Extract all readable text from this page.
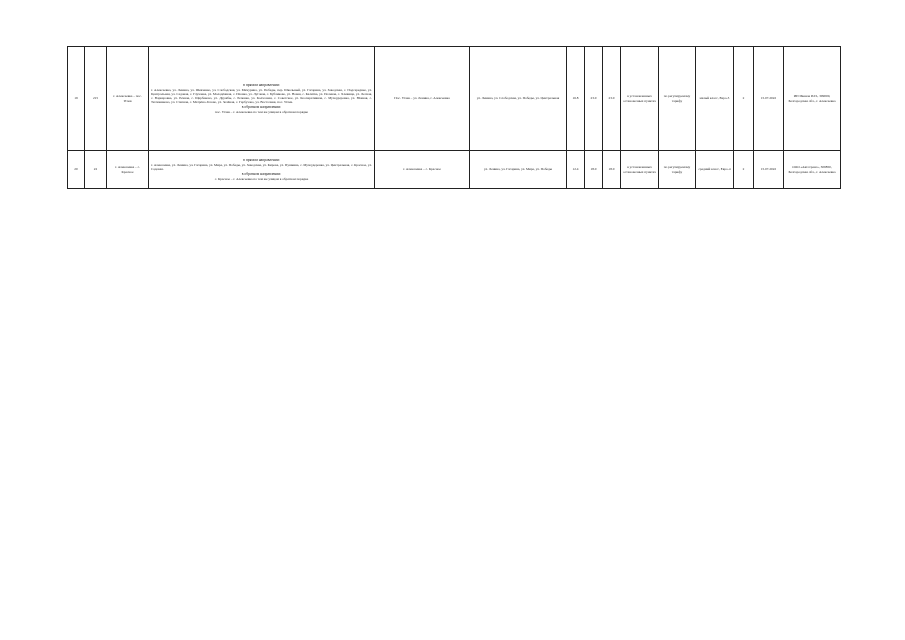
19	215	г. Алексеевка – пос. Углев	в прямом направлении:
г. Алексеевка, ул. Ленина, ул. Шевченко, ул. Слободская, ул. Мичурина, ул. Победы, пер. Школьный, ул. Гагарина, ул. Заводская, с. Подсереднее, ул. Центральная, ул. Садовая, с. Глуховка, ул. Молодёжная, с. Иловка, ул. Луговая, с. Бубликово, ул. Новая, с. Калитва, ул. Полевая, с. Хлевище, ул. Лесная, с. Варваровка, ул. Речная, с. Щербаково, ул. Дружбы, с. Репенка, ул. Колхозная, с. Советское, ул. Кооперативная, с. Мухоудеровка, ул. Южная, с. Тютюниково, ул. Степная, с. Матрёно-Гезово, ул. Зелёная, с. Гарбузово, ул. Восточная, пос. Углев.
в обратном направлении:
пос. Углев – г. Алексеевка по тем же улицам в обратном порядке	Пос. Углев – ул. Ленина, г. Алексеевка	ул. Ленина, ул. Слободская, ул. Победы, ул. Центральная	16.8	23.0	23.0	в установленных остановочных пунктах	по регулируемому тарифу	малый класс, Евро-3	2	15.07.2022	ИП Иванов И.И., 309000, Белгородская обл., г. Алексеевка
20	22	г. Алексеевка – с. Красное	в прямом направлении:
г. Алексеевка, ул. Ленина, ул. Гагарина, ул. Мира, ул. Победы, ул. Заводская, ул. Кирова, ул. Пушкина, с. Мухоудеровка, ул. Центральная, с. Красное, ул. Садовая.
в обратном направлении:
с. Красное – г. Алексеевка по тем же улицам в обратном порядке	г. Алексеевка – с. Красное	ул. Ленина, ул. Гагарина, ул. Мира, ул. Победы	12.4	18.0	18.0	в установленных остановочных пунктах	по регулируемому тарифу	средний класс, Евро-4	2	15.07.2022	ООО «Автотранс», 309850, Белгородская обл., г. Алексеевка
